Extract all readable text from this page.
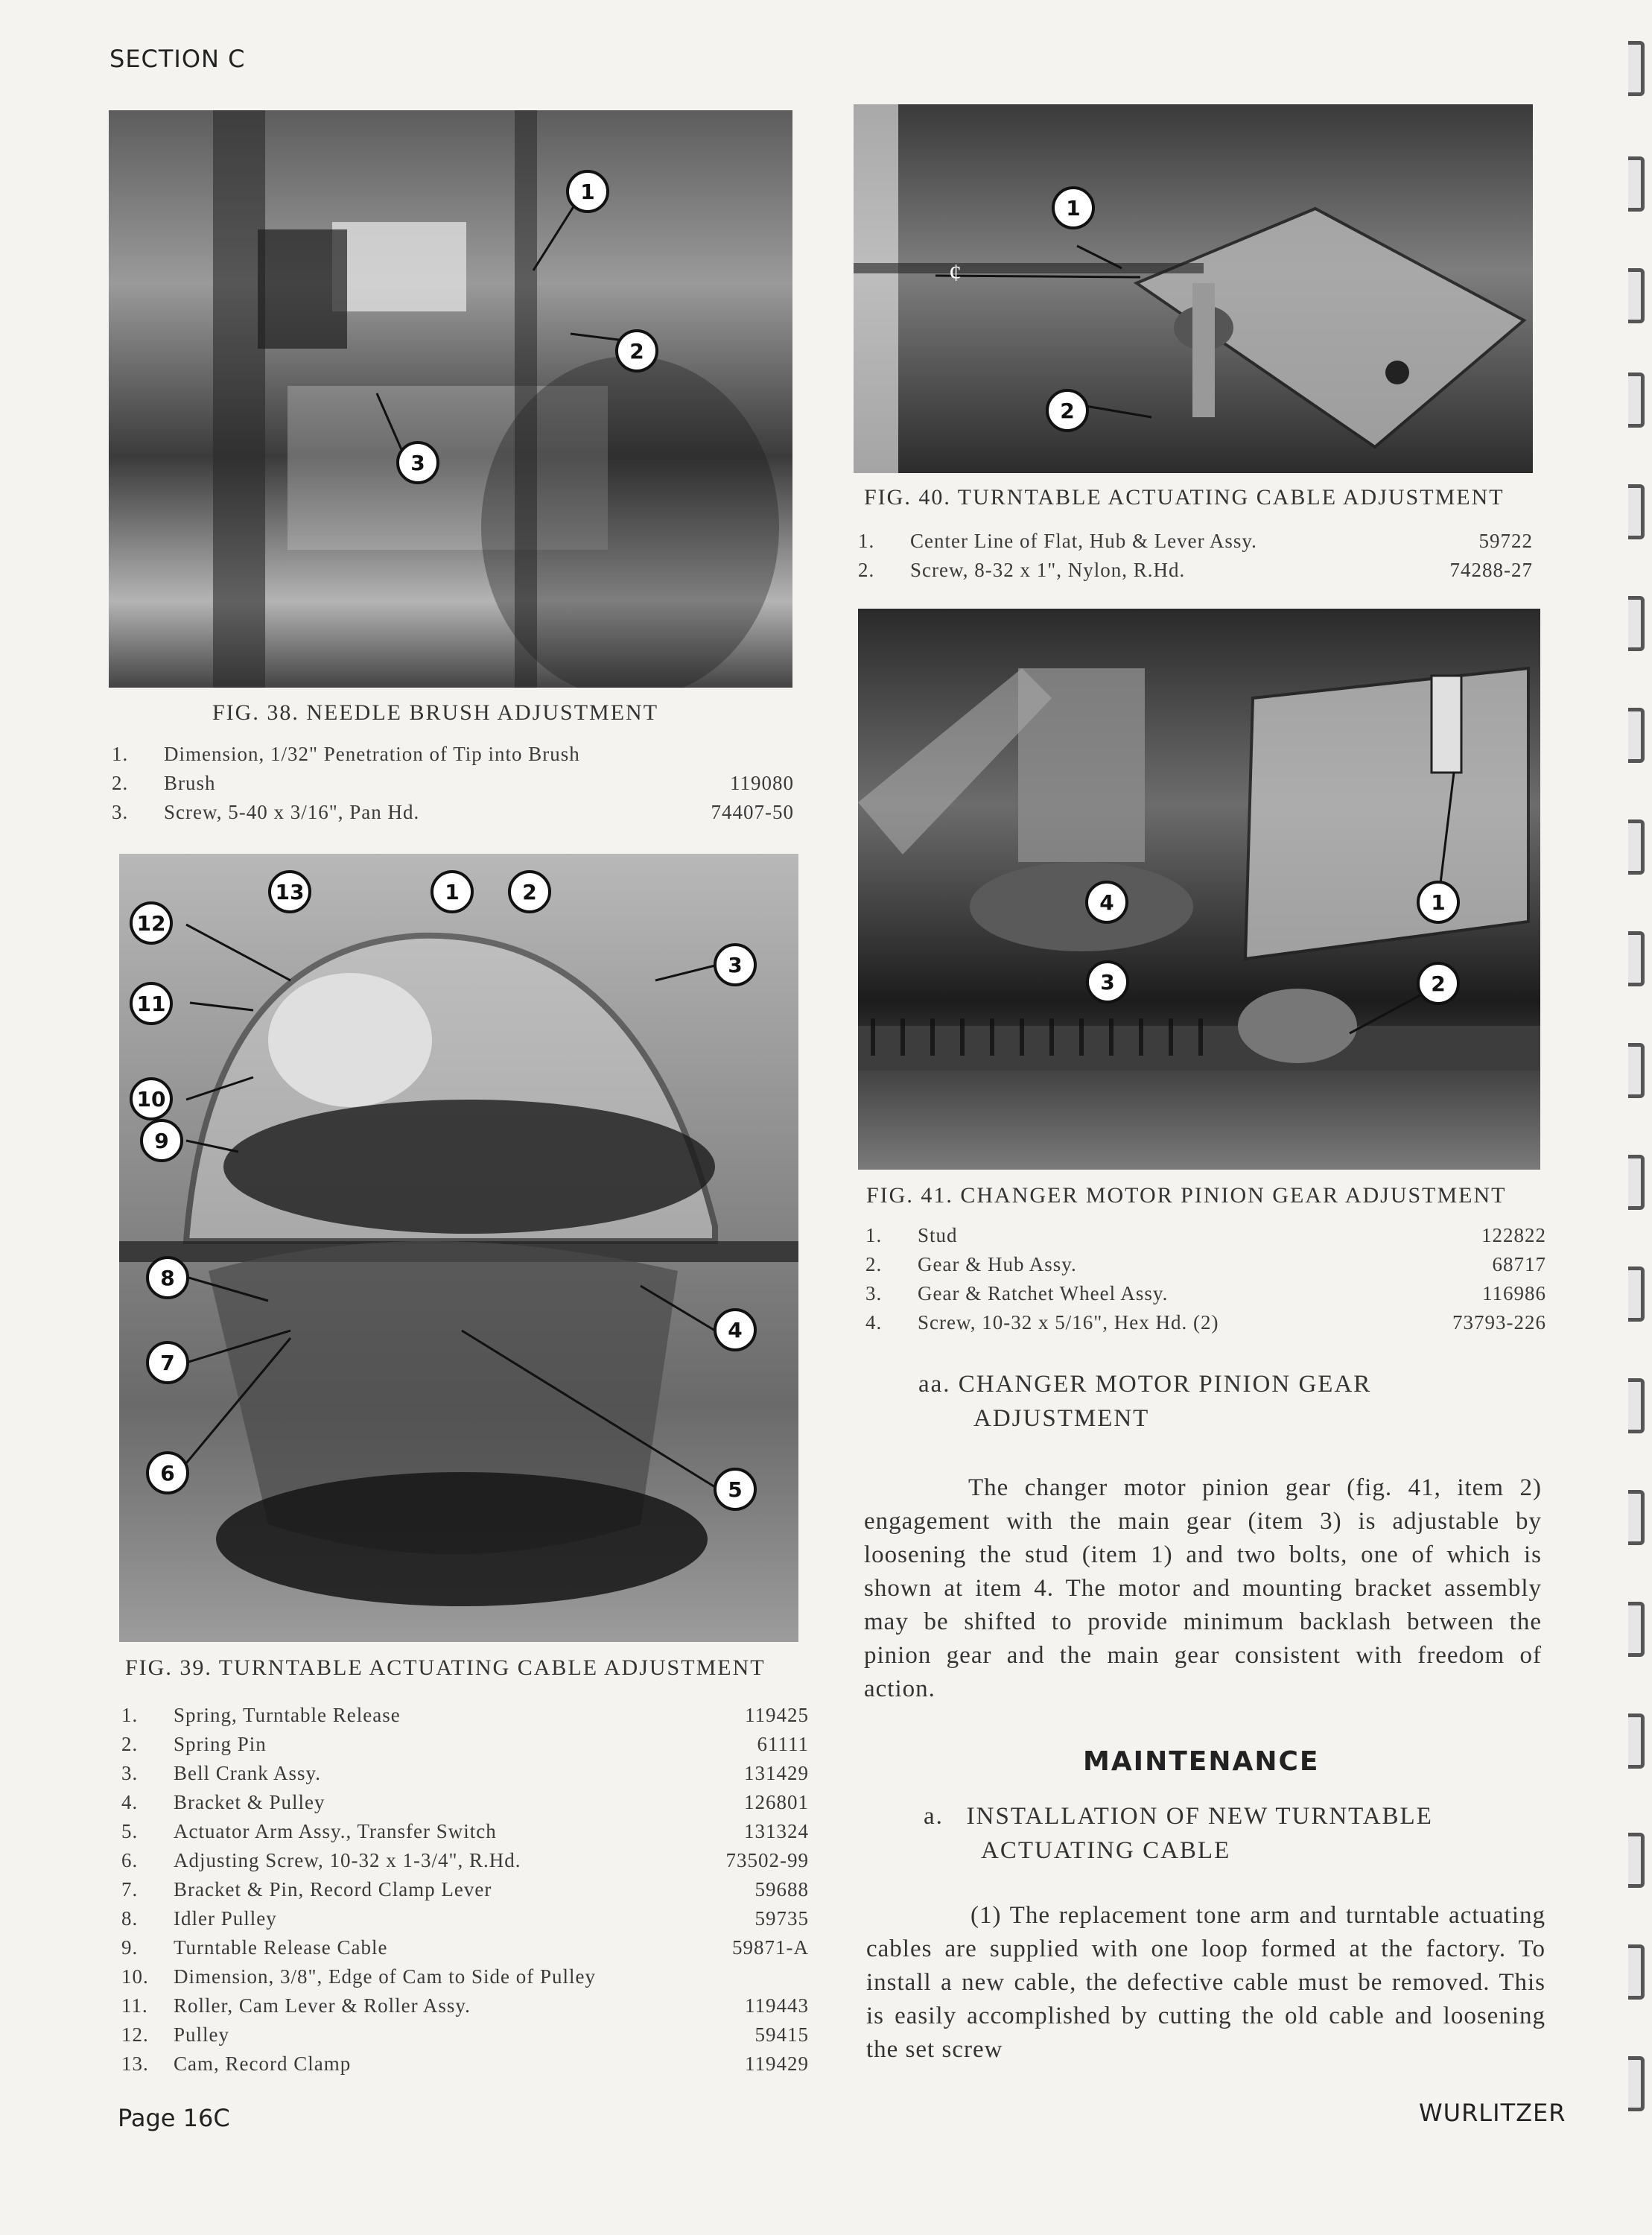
SECTION C
1
2
3
FIG. 38. NEEDLE BRUSH ADJUSTMENT
1. Dimension, 1/32" Penetration of Tip into Brush
2. Brush	119080
3. Screw, 5-40 x 3/16", Pan Hd.	74407-50
13	1	2
12
3
11
10
9
8
4
7
6
5
FIG. 39. TURNTABLE ACTUATING CABLE ADJUSTMENT
1. Spring, Turntable Release	119425
2. Spring Pin	61111
3. Bell Crank Assy.	131429
4. Bracket & Pulley	126801
5. Actuator Arm Assy., Transfer Switch	131324
6. Adjusting Screw, 10-32 x 1-3/4", R.Hd.	73502-99
7. Bracket & Pin, Record Clamp Lever	59688
8. Idler Pulley	59735
9. Turntable Release Cable	59871-A
10. Dimension, 3/8", Edge of Cam to Side of Pulley
11. Roller, Cam Lever & Roller Assy.	119443
12. Pulley	59415
13. Cam, Record Clamp	119429
¢
1
2
FIG. 40. TURNTABLE ACTUATING CABLE ADJUSTMENT
1. Center Line of Flat, Hub & Lever Assy.	59722
2. Screw, 8-32 x 1", Nylon, R.Hd.	74288-27
4	1
3	2
FIG. 41. CHANGER MOTOR PINION GEAR ADJUSTMENT
1. Stud	122822
2. Gear & Hub Assy.	68717
3. Gear & Ratchet Wheel Assy.	116986
4. Screw, 10-32 x 5/16", Hex Hd. (2)	73793-226
aa. CHANGER MOTOR PINION GEAR
ADJUSTMENT
The changer motor pinion gear (fig. 41, item 2) engagement with the main gear (item 3) is adjustable by loosening the stud (item 1) and two bolts, one of which is shown at item 4. The motor and mounting bracket assembly may be shifted to provide minimum backlash between the pinion gear and the main gear consistent with freedom of action.
MAINTENANCE
a.   INSTALLATION OF NEW TURNTABLE
ACTUATING CABLE
(1) The replacement tone arm and turntable actuating cables are supplied with one loop formed at the factory. To install a new cable, the defective cable must be removed. This is easily accomplished by cutting the old cable and loosening the set screw
Page 16C	WURLITZER
